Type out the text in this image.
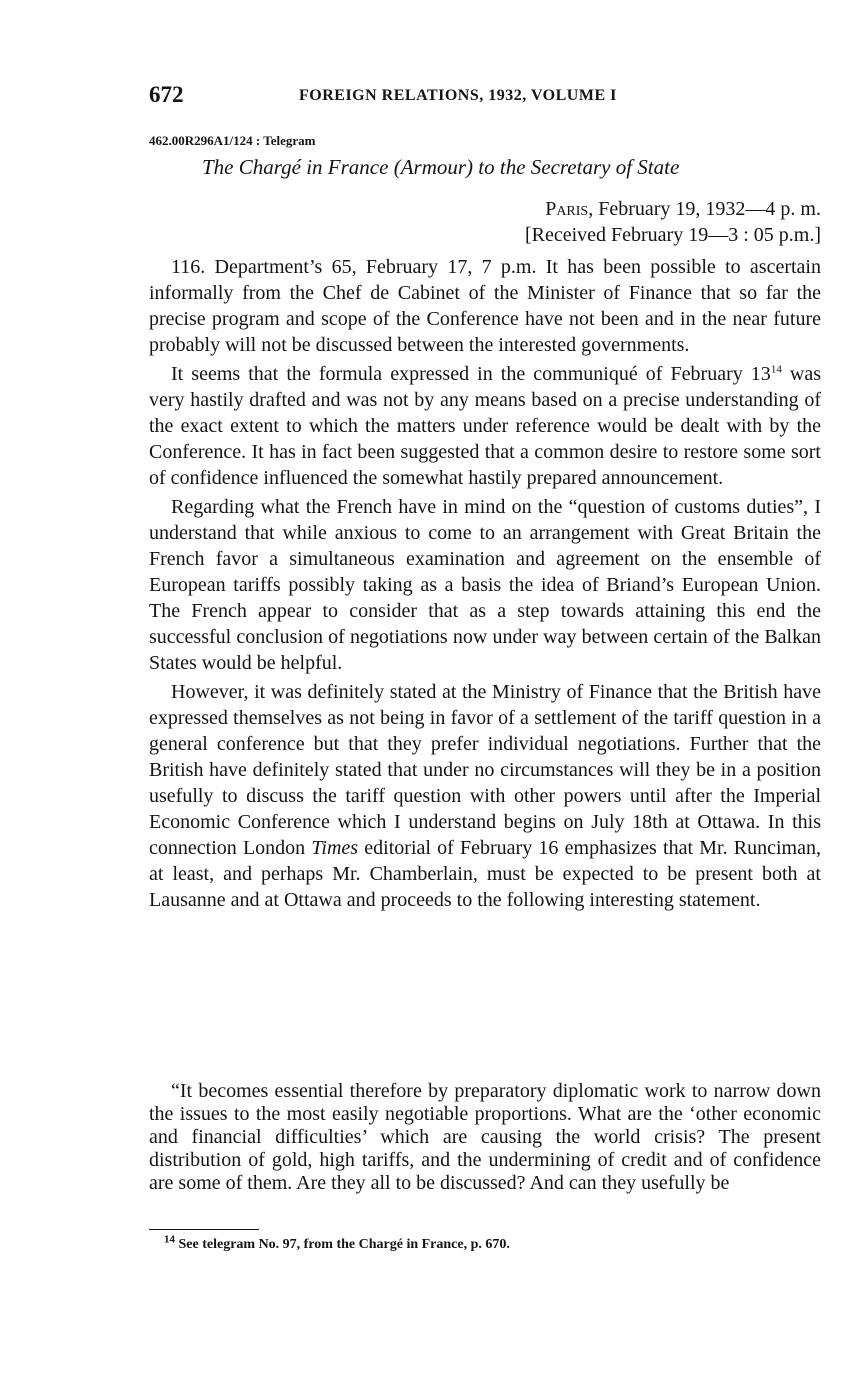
672	FOREIGN RELATIONS, 1932, VOLUME I
462.00R296A1/124 : Telegram
The Chargé in France (Armour) to the Secretary of State
Paris, February 19, 1932—4 p. m.
[Received February 19—3 : 05 p.m.]

116. Department’s 65, February 17, 7 p.m. It has been possible to ascertain informally from the Chef de Cabinet of the Minister of Finance that so far the precise program and scope of the Conference have not been and in the near future probably will not be discussed between the interested governments.

It seems that the formula expressed in the communiqué of February $13^{14}$ was very hastily drafted and was not by any means based on a precise understanding of the exact extent to which the matters under reference would be dealt with by the Conference. It has in fact been suggested that a common desire to restore some sort of confidence influenced the somewhat hastily prepared announcement.

Regarding what the French have in mind on the “question of customs duties”, I understand that while anxious to come to an arrangement with Great Britain the French favor a simultaneous examination and agreement on the ensemble of European tariffs possibly taking as a basis the idea of Briand’s European Union. The French appear to consider that as a step towards attaining this end the successful conclusion of negotiations now under way between certain of the Balkan States would be helpful.

However, it was definitely stated at the Ministry of Finance that the British have expressed themselves as not being in favor of a settlement of the tariff question in a general conference but that they prefer individual negotiations. Further that the British have definitely stated that under no circumstances will they be in a position usefully to discuss the tariff question with other powers until after the Imperial Economic Conference which I understand begins on July 18th at Ottawa. In this connection London Times editorial of February 16 emphasizes that Mr. Runciman, at least, and perhaps Mr. Chamberlain, must be expected to be present both at Lausanne and at Ottawa and proceeds to the following interesting statement.

“It becomes essential therefore by preparatory diplomatic work to narrow down the issues to the most easily negotiable proportions. What are the ‘other economic and financial difficulties’ which are causing the world crisis? The present distribution of gold, high tariffs, and the undermining of credit and of confidence are some of them. Are they all to be discussed? And can they usefully be

$^{14}$ See telegram No. 97, from the Chargé in France, p. 670.
